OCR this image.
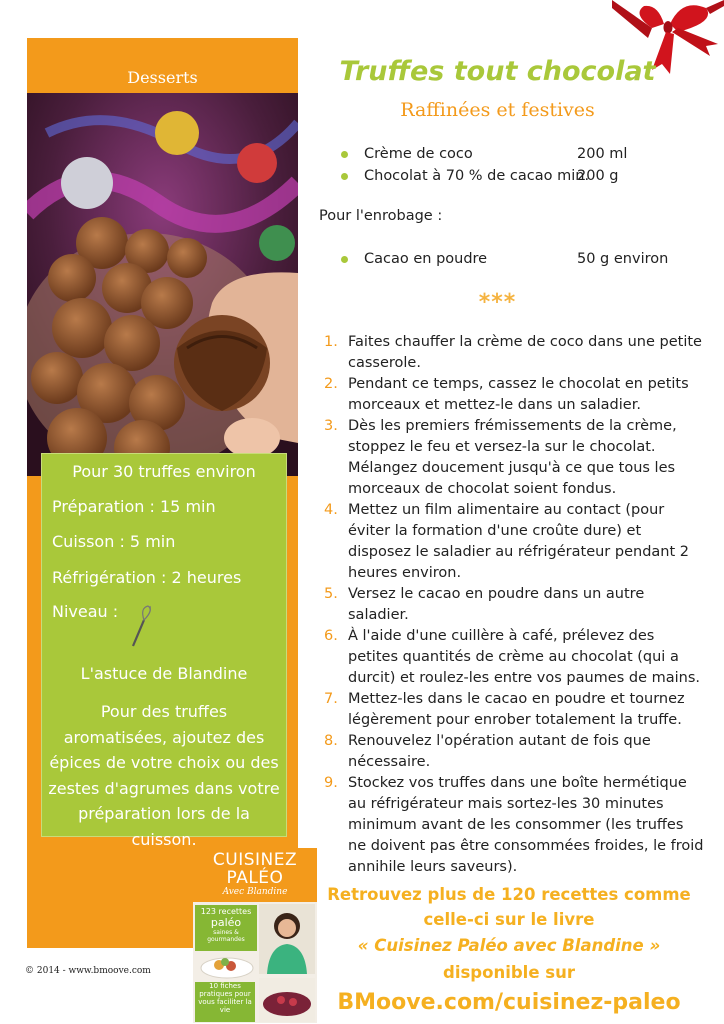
Desserts
Pour 30 truffes environ
Préparation : 15 min
Cuisson : 5 min
Réfrigération : 2 heures
Niveau :
L'astuce de Blandine
Pour des truffes aromatisées, ajoutez des épices de votre choix ou des zestes d'agrumes dans votre préparation lors de la cuisson.
CUISINEZ
PALÉO
Avec Blandine
123 recettes
paléo
saines & gourmandes
10 fiches pratiques pour vous faciliter la vie
© 2014 - www.bmoove.com
Truffes tout chocolat
Raffinées et festives
Crème de coco	200 ml
Chocolat à 70 % de cacao min.
200 g
Pour l'enrobage :
Cacao en poudre	50 g environ
***
1. Faites chauffer la crème de coco dans une petite casserole.
2. Pendant ce temps, cassez le chocolat en petits morceaux et mettez-le dans un saladier.
3. Dès les premiers frémissements de la crème, stoppez le feu et versez-la sur le chocolat. Mélangez doucement jusqu'à ce que tous les morceaux de chocolat soient fondus.
4. Mettez un film alimentaire au contact (pour éviter la formation d'une croûte dure) et disposez le saladier au réfrigérateur pendant 2 heures environ.
5. Versez le cacao en poudre dans un autre saladier.
6. À l'aide d'une cuillère à café, prélevez des petites quantités de crème au chocolat (qui a durcit) et roulez-les entre vos paumes de mains.
7. Mettez-les dans le cacao en poudre et tournez légèrement pour enrober totalement la truffe.
8. Renouvelez l'opération autant de fois que nécessaire.
9. Stockez vos truffes dans une boîte hermétique au réfrigérateur mais sortez-les 30 minutes minimum avant de les consommer (les truffes ne doivent pas être consommées froides, le froid annihile leurs saveurs).
Retrouvez plus de 120 recettes comme
celle-ci sur le livre
« Cuisinez Paléo avec Blandine »
disponible sur
BMoove.com/cuisinez-paleo
